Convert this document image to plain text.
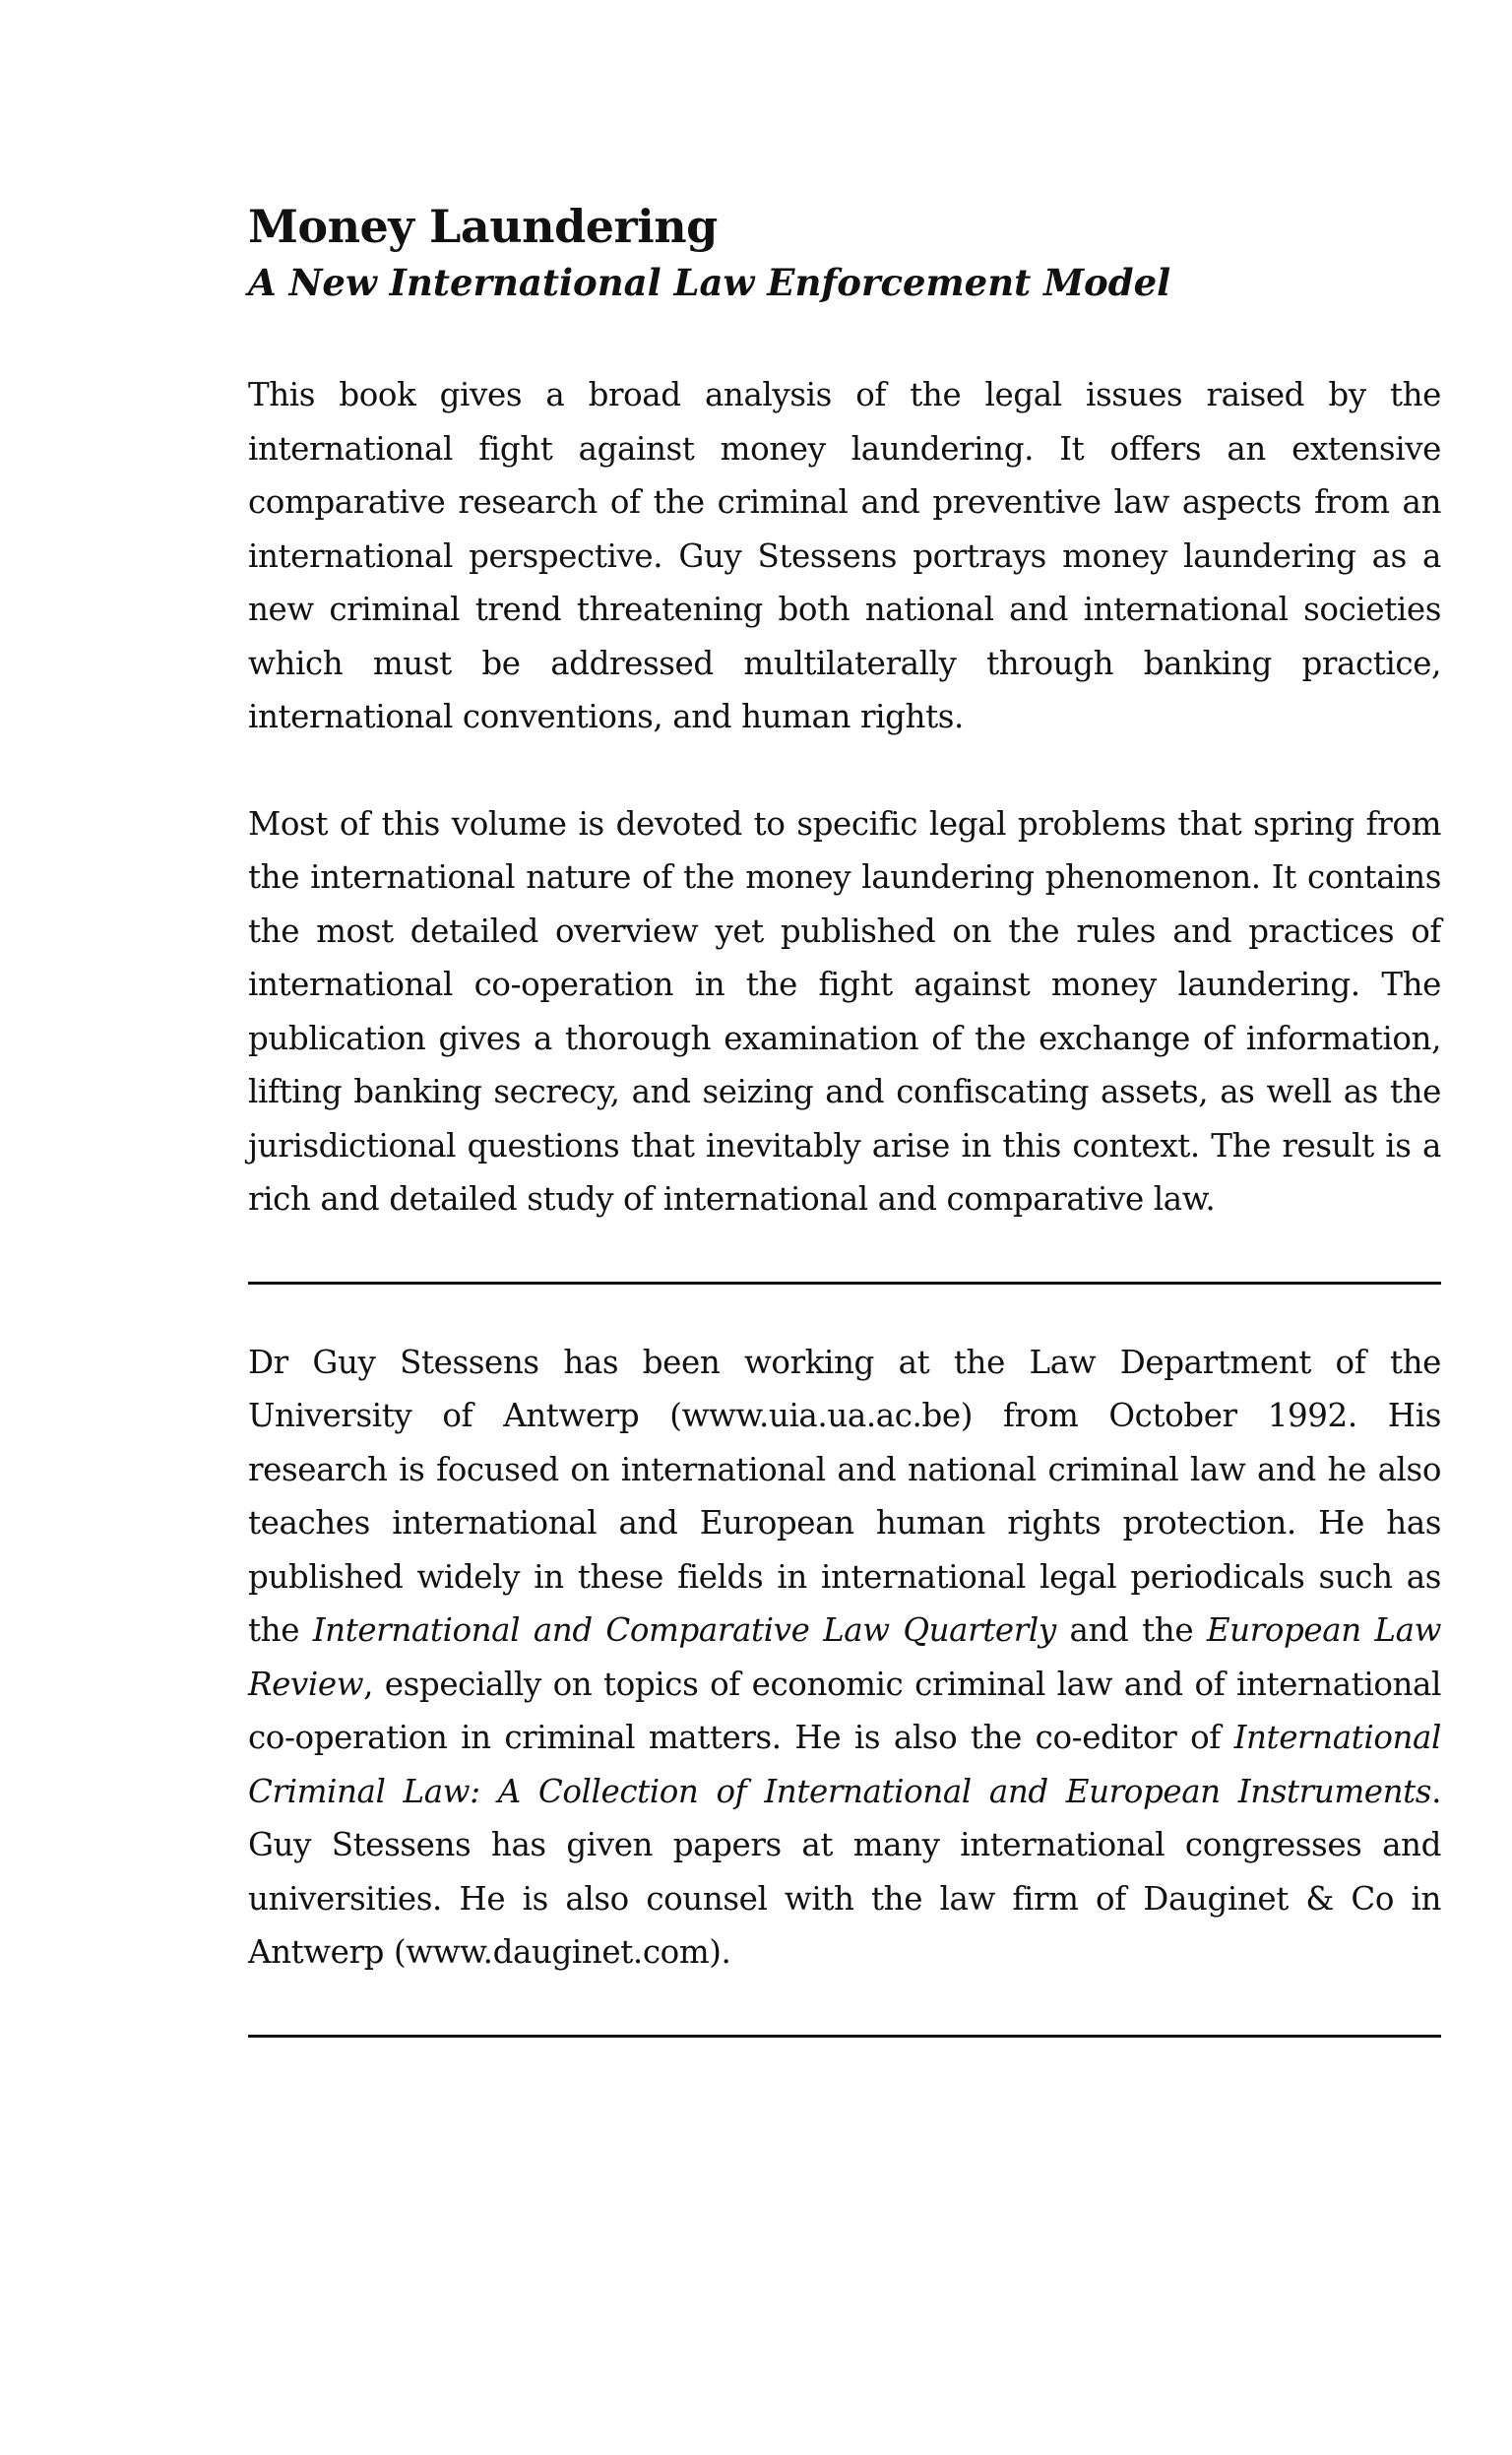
Money Laundering
A New International Law Enforcement Model

This book gives a broad analysis of the legal issues raised by the international fight against money laundering. It offers an extensive comparative research of the criminal and preventive law aspects from an international perspective. Guy Stessens portrays money laundering as a new criminal trend threatening both national and international societies which must be addressed multilaterally through banking practice, international conventions, and human rights.

Most of this volume is devoted to specific legal problems that spring from the international nature of the money laundering phenomenon. It contains the most detailed overview yet published on the rules and practices of international co-operation in the fight against money laundering. The publication gives a thorough examination of the exchange of information, lifting banking secrecy, and seizing and confiscating assets, as well as the jurisdictional questions that inevitably arise in this context. The result is a rich and detailed study of international and comparative law.

Dr Guy Stessens has been working at the Law Department of the University of Antwerp (www.uia.ua.ac.be) from October 1992. His research is focused on international and national criminal law and he also teaches international and European human rights protection. He has published widely in these fields in international legal periodicals such as the International and Comparative Law Quarterly and the European Law Review, especially on topics of economic criminal law and of international co-operation in criminal matters. He is also the co-editor of International Criminal Law: A Collection of International and European Instruments. Guy Stessens has given papers at many international congresses and universities. He is also counsel with the law firm of Dauginet & Co in Antwerp (www.dauginet.com).
